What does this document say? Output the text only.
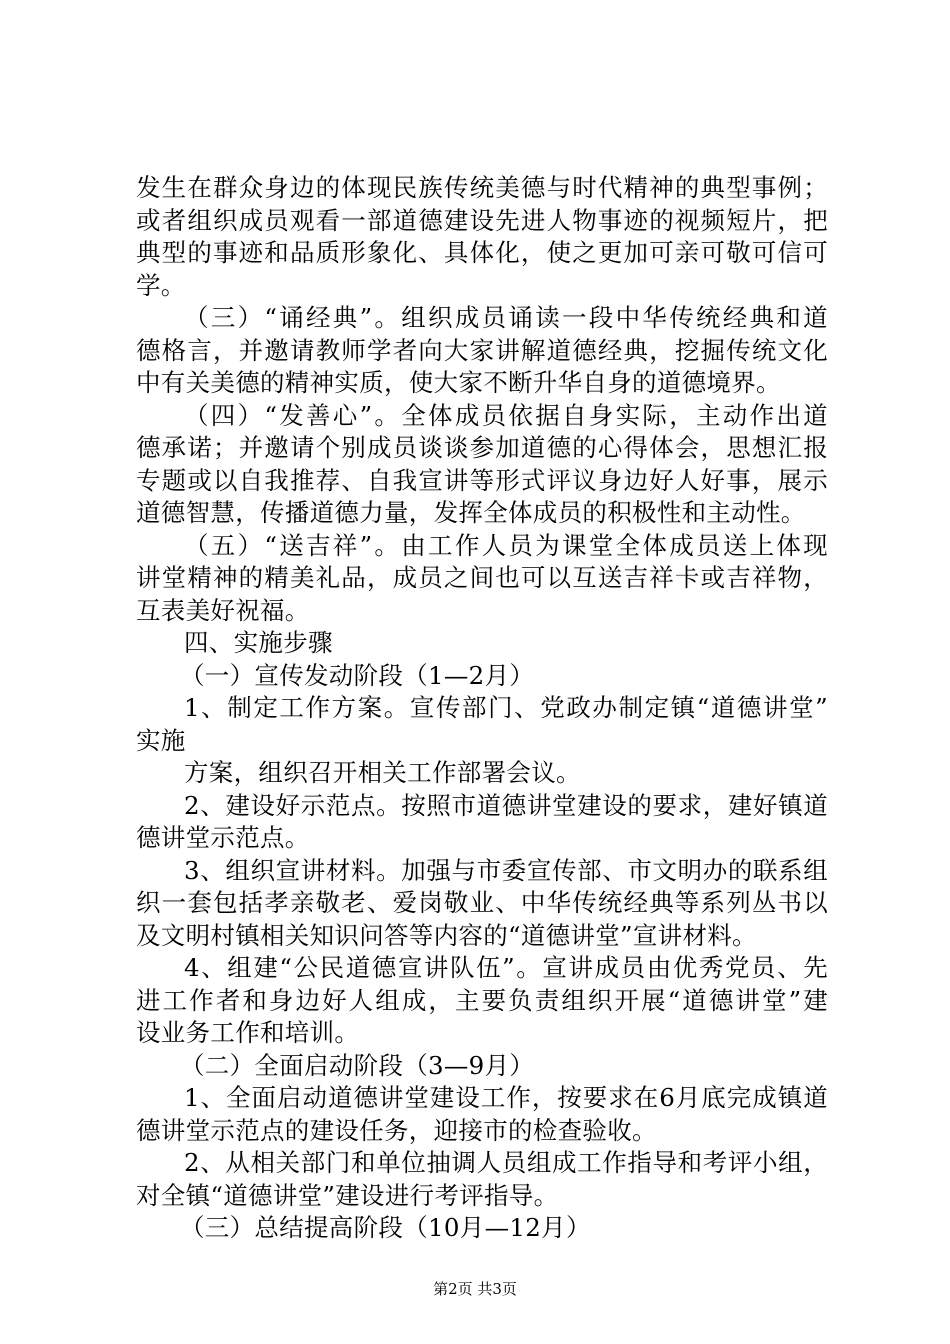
发生在群众身边的体现民族传统美德与时代精神的典型事例；
或者组织成员观看一部道德建设先进人物事迹的视频短片，把
典型的事迹和品质形象化、具体化，使之更加可亲可敬可信可
学。
（三）“诵经典”。组织成员诵读一段中华传统经典和道
德格言，并邀请教师学者向大家讲解道德经典，挖掘传统文化
中有关美德的精神实质，使大家不断升华自身的道德境界。
（四）“发善心”。全体成员依据自身实际，主动作出道
德承诺；并邀请个别成员谈谈参加道德的心得体会，思想汇报
专题或以自我推荐、自我宣讲等形式评议身边好人好事，展示
道德智慧，传播道德力量，发挥全体成员的积极性和主动性。
（五）“送吉祥”。由工作人员为课堂全体成员送上体现
讲堂精神的精美礼品，成员之间也可以互送吉祥卡或吉祥物，
互表美好祝福。
四、实施步骤
（一）宣传发动阶段（1—2月）
1、制定工作方案。宣传部门、党政办制定镇“道德讲堂”
实施
方案，组织召开相关工作部署会议。
2、建设好示范点。按照市道德讲堂建设的要求，建好镇道
德讲堂示范点。
3、组织宣讲材料。加强与市委宣传部、市文明办的联系组
织一套包括孝亲敬老、爱岗敬业、中华传统经典等系列丛书以
及文明村镇相关知识问答等内容的“道德讲堂”宣讲材料。
4、组建“公民道德宣讲队伍”。宣讲成员由优秀党员、先
进工作者和身边好人组成，主要负责组织开展“道德讲堂”建
设业务工作和培训。
（二）全面启动阶段（3—9月）
1、全面启动道德讲堂建设工作，按要求在6月底完成镇道
德讲堂示范点的建设任务，迎接市的检查验收。
2、从相关部门和单位抽调人员组成工作指导和考评小组，
对全镇“道德讲堂”建设进行考评指导。
（三）总结提高阶段（10月—12月）
第2页 共3页
